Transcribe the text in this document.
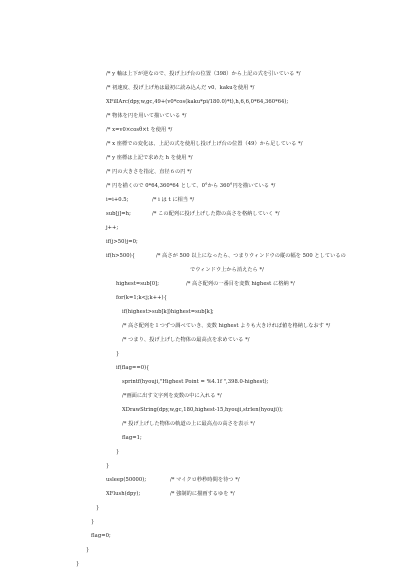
/* y 軸は上下が逆なので、投げ上げ台の位置（398）から上記の式を引いている */
/* 初速度、投げ上げ角は最初に読み込んだ v0、kakuを使用 */
XFillArc(dpy,w,gc,49+(v0*cos(kaku*pi/180.0)*t),h,6,6,0*64,360*64);
/* 物体を円を用いて描いている */
/* x=v0×cosθ×t を使用 */
/* x 座標での変化は、上記の式を使用し投げ上げ台の位置（49）から足している */
/* y 座標は上記で求めた h を使用 */
/* 円の大きさを指定、直径６の円 */
/* 円を描くので 0*64,360*64 として、0°から 360°円を描いている */
i=i+0.5;	/* i は t に相当 */
sub[j]=h;	/* この配列に投げ上げした際の高さを格納していく */
j++;
if(j>50)j=0;
if(h>500){	/* 高さが 500 以上になったら、つまりウィンドウの縦の幅を 500 としているの
でウィンドウ上から消えたら */
highest=sub[0];	/* 高さ配列の一番目を変数 highest に格納 */
for(k=1;k<j;k++){
if(highest>sub[k])highest=sub[k];
/* 高さ配列を１つずつ調べていき、変数 highest よりも大きければ値を格納しなおす */
/* つまり、投げ上げした物体の最高点を求めている */
}
if(flag==0){
sprintf(hyouji,"Highest Point = %4.1f ",398.0-highest);
/*画面に出す文字列を変数の中に入れる */
XDrawString(dpy,w,gc,180,highest-15,hyouji,strlen(hyouji));
/* 投げ上げした物体の軌道の上に最高点の高さを表示 */
flag=1;
}
}
usleep(50000);	/* マイクロ秒秒時間を待つ */
XFlush(dpy);	/* 強制的に描画するゆを */
}
}
flag=0;
}
}
